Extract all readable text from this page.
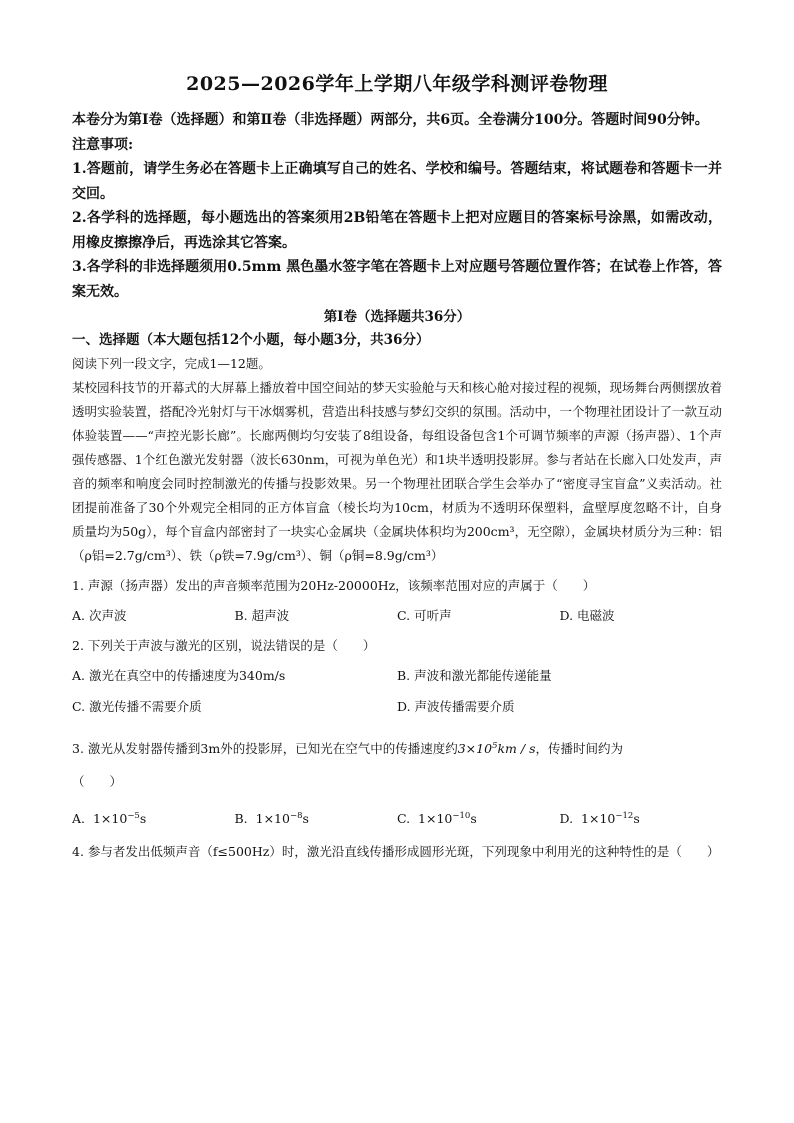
2025—2026学年上学期八年级学科测评卷物理
本卷分为第Ⅰ卷（选择题）和第Ⅱ卷（非选择题）两部分，共6页。全卷满分100分。答题时间90分钟。
注意事项:
1.答题前，请学生务必在答题卡上正确填写自己的姓名、学校和编号。答题结束，将试题卷和答题卡一并交回。
2.各学科的选择题，每小题选出的答案须用2B铅笔在答题卡上把对应题目的答案标号涂黑，如需改动，用橡皮擦擦净后，再选涂其它答案。
3.各学科的非选择题须用0.5mm 黑色墨水签字笔在答题卡上对应题号答题位置作答；在试卷上作答，答案无效。
第Ⅰ卷（选择题共36分）
一、选择题（本大题包括12个小题，每小题3分，共36分）
阅读下列一段文字，完成1—12题。
某校园科技节的开幕式的大屏幕上播放着中国空间站的梦天实验舱与天和核心舱对接过程的视频，现场舞台两侧摆放着透明实验装置，搭配冷光射灯与干冰烟雾机，营造出科技感与梦幻交织的氛围。活动中，一个物理社团设计了一款互动体验装置——“声控光影长廊”。长廊两侧均匀安装了8组设备，每组设备包含1个可调节频率的声源（扬声器）、1个声强传感器、1个红色激光发射器（波长630nm，可视为单色光）和1块半透明投影屏。参与者站在长廊入口处发声，声音的频率和响度会同时控制激光的传播与投影效果。另一个物理社团联合学生会举办了“密度寻宝盲盒”义卖活动。社团提前准备了30个外观完全相同的正方体盲盒（棱长均为10cm，材质为不透明环保塑料，盒壁厚度忽略不计，自身质量均为50g），每个盲盒内部密封了一块实心金属块（金属块体积均为200cm³，无空隙），金属块材质分为三种：铝（ρ铝=2.7g/cm³）、铁（ρ铁=7.9g/cm³）、铜（ρ铜=8.9g/cm³）
1. 声源（扬声器）发出的声音频率范围为20Hz-20000Hz，该频率范围对应的声属于（　　）
A. 次声波	B. 超声波	C. 可听声	D. 电磁波
2. 下列关于声波与激光的区别，说法错误的是（　　）
A. 激光在真空中的传播速度为340m/s	B. 声波和激光都能传递能量
C. 激光传播不需要介质	D. 声波传播需要介质
3. 激光从发射器传播到3m外的投影屏，已知光在空气中的传播速度约$3\times 10^5km / s$，传播时间约为
（　　）
A. $1\times 10^{-5}s$	B. $1\times 10^{-8}s$	C. $1\times 10^{-10}s$	D. $1\times 10^{-12}s$
4. 参与者发出低频声音（f≤500Hz）时，激光沿直线传播形成圆形光斑，下列现象中利用光的这种特性的是（　　）
